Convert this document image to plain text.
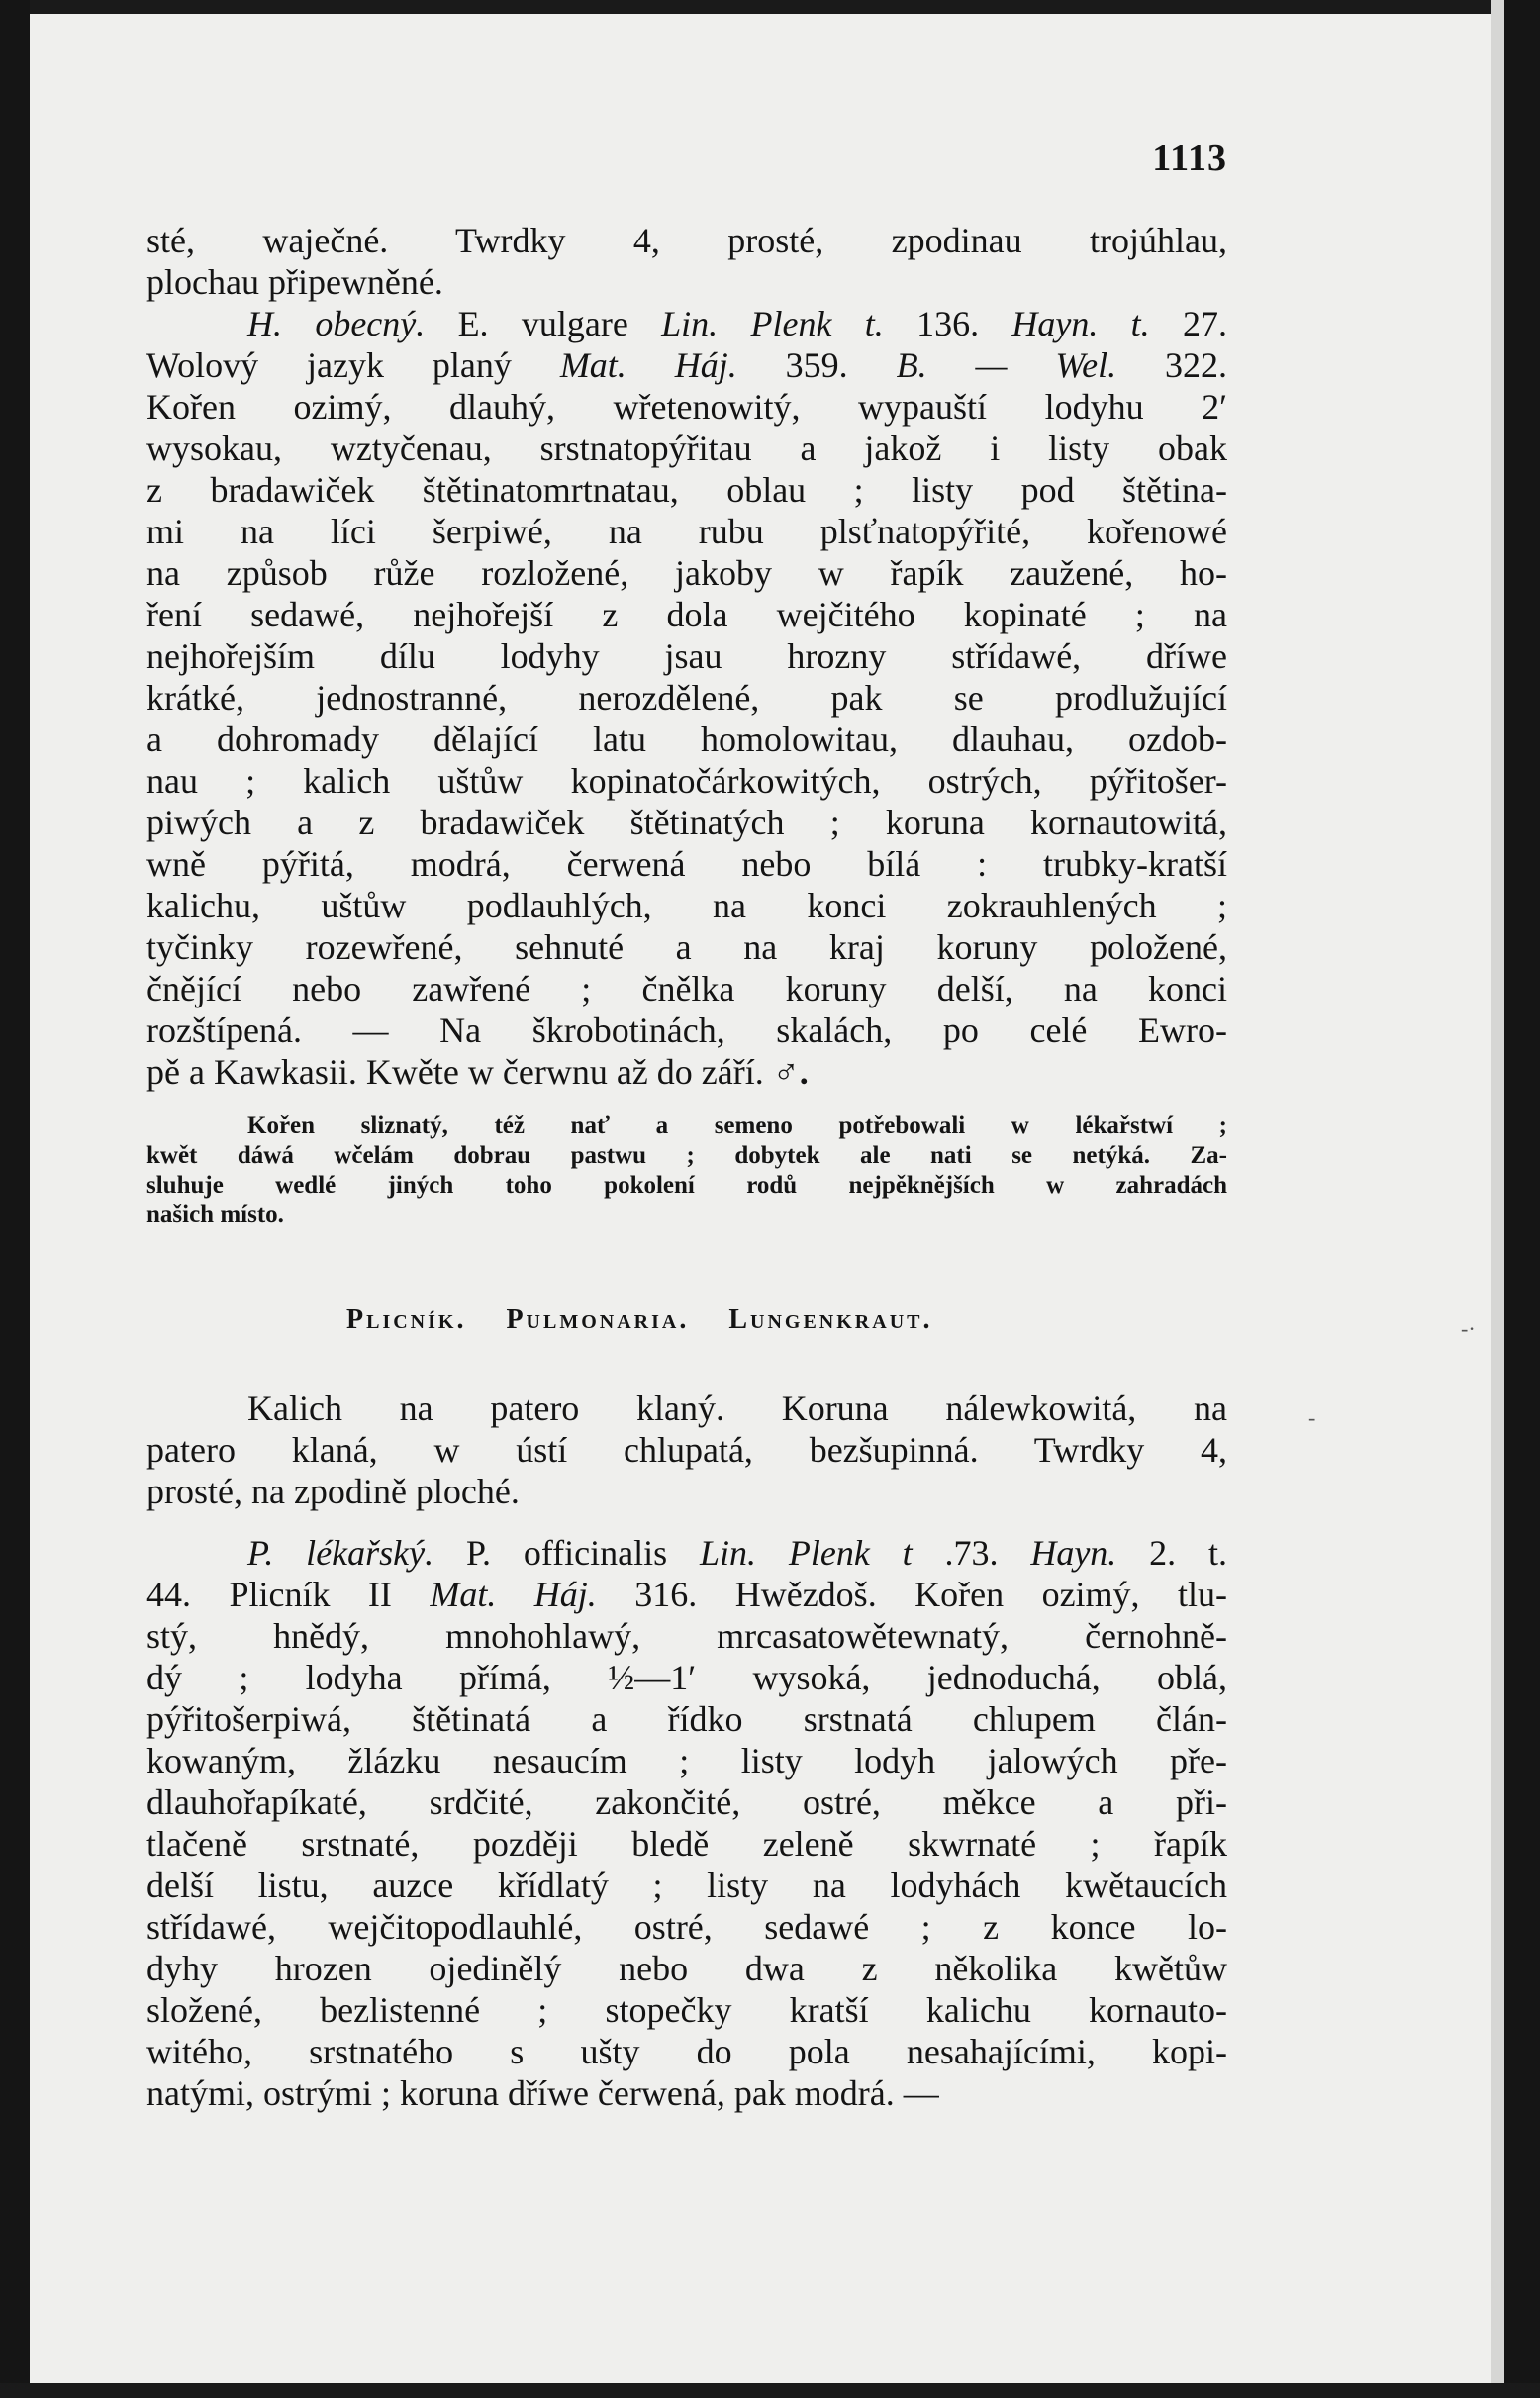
1113
sté, waječné. Twrdky 4, prosté, zpodinau trojúhlau,
plochau připewněné.
H. obecný. E. vulgare Lin. Plenk t. 136. Hayn. t. 27.
Wolový jazyk planý Mat. Háj. 359. B. — Wel. 322.
Kořen ozimý, dlauhý, wřetenowitý, wypauští lodyhu 2ʹ
wysokau, wztyčenau, srstnatopýřitau a jakož i listy obak
z bradawiček štětinatomrtnatau, oblau ; listy pod štětina-
mi na líci šerpiwé, na rubu plsťnatopýřité, kořenowé
na způsob růže rozložené, jakoby w řapík zaužené, ho-
ření sedawé, nejhořejší z dola wejčitého kopinaté ; na
nejhořejším dílu lodyhy jsau hrozny střídawé, dříwe
krátké, jednostranné, nerozdělené, pak se prodlužující
a dohromady dělající latu homolowitau, dlauhau, ozdob-
nau ; kalich uštůw kopinatočárkowitých, ostrých, pýřitošer-
piwých a z bradawiček štětinatých ; koruna kornautowitá,
wně pýřitá, modrá, čerwená nebo bílá : trubky-kratší
kalichu, uštůw podlauhlých, na konci zokrauhlených ;
tyčinky rozewřené, sehnuté a na kraj koruny položené,
čnějící nebo zawřené ; čnělka koruny delší, na konci
rozštípená. — Na škrobotinách, skalách, po celé Ewro-
pě a Kawkasii. Kwěte w čerwnu až do září. ♂.
Kořen sliznatý, též nať a semeno potřebowali w lékařstwí ;
kwět dáwá wčelám dobrau pastwu ; dobytek ale nati se netýká. Za-
sluhuje wedlé jiných toho pokolení rodů nejpěknějších w zahradách
našich místo.
Plicník. Pulmonaria. Lungenkraut.
Kalich na patero klaný. Koruna nálewkowitá, na
patero klaná, w ústí chlupatá, bezšupinná. Twrdky 4,
prosté, na zpodině ploché.
P. lékařský. P. officinalis Lin. Plenk t .73. Hayn. 2. t.
44. Plicník II Mat. Háj. 316. Hwězdoš. Kořen ozimý, tlu-
stý, hnědý, mnohohlawý, mrcasatowětewnatý, černohně-
dý ; lodyha přímá, ½—1ʹ wysoká, jednoduchá, oblá,
pýřitošerpiwá, štětinatá a řídko srstnatá chlupem člán-
kowaným, žlázku nesaucím ; listy lodyh jalowých pře-
dlauhořapíkaté, srdčité, zakončité, ostré, měkce a při-
tlačeně srstnaté, později bledě zeleně skwrnaté ; řapík
delší listu, auzce křídlatý ; listy na lodyhách kwětaucích
střídawé, wejčitopodlauhlé, ostré, sedawé ; z konce lo-
dyhy hrozen ojedinělý nebo dwa z několika kwětůw
složené, bezlistenné ; stopečky kratší kalichu kornauto-
witého, srstnatého s ušty do pola nesahajícími, kopi-
natými, ostrými ; koruna dříwe čerwená, pak modrá. —
-·
-
